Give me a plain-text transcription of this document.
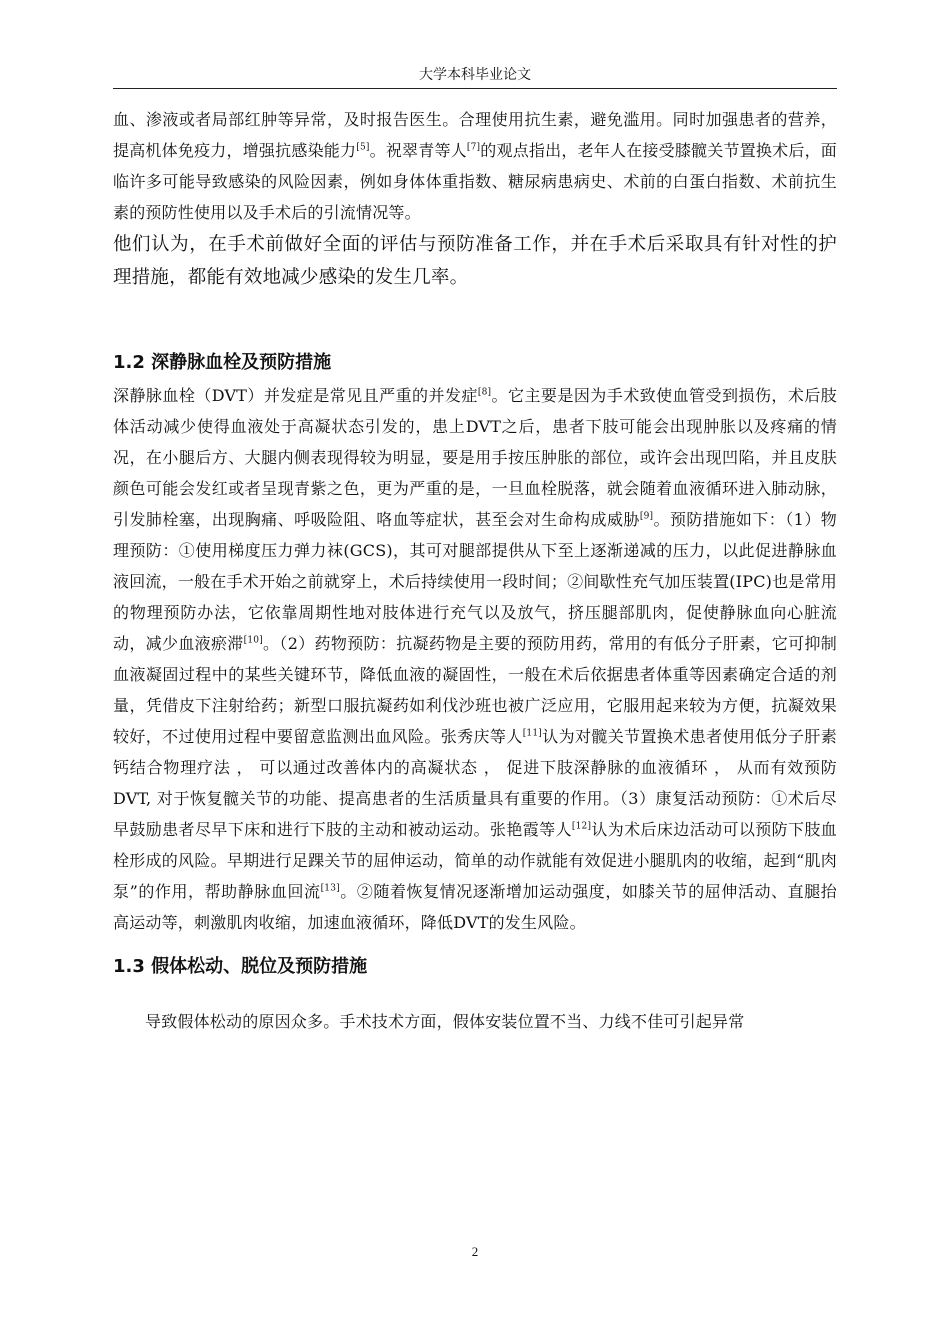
大学本科毕业论文

血、渗液或者局部红肿等异常，及时报告医生。合理使用抗生素，避免滥用。同时加强患者的营养，提高机体免疫力，增强抗感染能力[5]。祝翠青等人[7]的观点指出，老年人在接受膝髋关节置换术后，面临许多可能导致感染的风险因素，例如身体体重指数、糖尿病患病史、术前的白蛋白指数、术前抗生素的预防性使用以及手术后的引流情况等。

他们认为，在手术前做好全面的评估与预防准备工作，并在手术后采取具有针对性的护理措施，都能有效地减少感染的发生几率。

1.2 深静脉血栓及预防措施

深静脉血栓（DVT）并发症是常见且严重的并发症[8]。它主要是因为手术致使血管受到损伤，术后肢体活动减少使得血液处于高凝状态引发的，患上DVT之后，患者下肢可能会出现肿胀以及疼痛的情况，在小腿后方、大腿内侧表现得较为明显，要是用手按压肿胀的部位，或许会出现凹陷，并且皮肤颜色可能会发红或者呈现青紫之色，更为严重的是，一旦血栓脱落，就会随着血液循环进入肺动脉，引发肺栓塞，出现胸痛、呼吸险阻、咯血等症状，甚至会对生命构成威胁[9]。预防措施如下：（1）物理预防：①使用梯度压力弹力袜(GCS)，其可对腿部提供从下至上逐渐递减的压力，以此促进静脉血液回流，一般在手术开始之前就穿上，术后持续使用一段时间；②间歇性充气加压装置(IPC)也是常用的物理预防办法，它依靠周期性地对肢体进行充气以及放气，挤压腿部肌肉，促使静脉血向心脏流动，减少血液瘀滞[10]。（2）药物预防：抗凝药物是主要的预防用药，常用的有低分子肝素，它可抑制血液凝固过程中的某些关键环节，降低血液的凝固性，一般在术后依据患者体重等因素确定合适的剂量，凭借皮下注射给药；新型口服抗凝药如利伐沙班也被广泛应用，它服用起来较为方便，抗凝效果较好，不过使用过程中要留意监测出血风险。张秀庆等人[11]认为对髋关节置换术患者使用低分子肝素钙结合物理疗法 ， 可以通过改善体内的高凝状态 ， 促进下肢深静脉的血液循环 ， 从而有效预防 DVT, 对于恢复髋关节的功能、提高患者的生活质量具有重要的作用。（3）康复活动预防：①术后尽早鼓励患者尽早下床和进行下肢的主动和被动运动。张艳霞等人[12]认为术后床边活动可以预防下肢血栓形成的风险。早期进行足踝关节的屈伸运动，简单的动作就能有效促进小腿肌肉的收缩，起到“肌肉泵”的作用，帮助静脉血回流[13]。②随着恢复情况逐渐增加运动强度，如膝关节的屈伸活动、直腿抬高运动等，刺激肌肉收缩，加速血液循环，降低DVT的发生风险。

1.3 假体松动、脱位及预防措施

导致假体松动的原因众多。手术技术方面，假体安装位置不当、力线不佳可引起异常

2
